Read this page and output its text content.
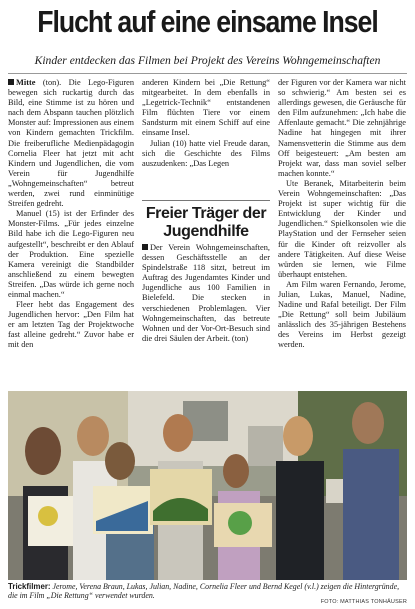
Flucht auf eine einsame Insel

Kinder entdecken das Filmen bei Projekt des Vereins Wohngemeinschaften

Mitte (ton). Die Lego-Figuren bewegen sich ruckartig durch das Bild, eine Stimme ist zu hören und nach dem Abspann tauchen plötzlich Monster auf: Impressionen aus einem von Kindern gemachten Trickfilm. Die freiberufliche Medienpädagogin Cornelia Fleer hat jetzt mit acht Kindern und Jugendlichen, die vom Verein für Jugendhilfe „Wohngemeinschaften“ betreut werden, zwei rund einminütige Streifen gedreht.

Manuel (15) ist der Erfinder des Monster-Films. „Für jedes einzelne Bild habe ich die Lego-Figuren neu aufgestellt“, beschreibt er den Ablauf der Produktion. Eine spezielle Kamera vereinigt die Standbilder anschließend zu einem bewegten Streifen. „Das würde ich gerne noch einmal machen.“

Fleer hebt das Engagement des Jugendlichen hervor: „Den Film hat er am letzten Tag der Projektwoche fast alleine gedreht.“ Zuvor habe er mit den

anderen Kindern bei „Die Rettung“ mitgearbeitet. In dem ebenfalls in „Legetrick-Technik“ entstandenen Film flüchten Tiere vor einem Sandsturm mit einem Schiff auf eine einsame Insel.

Julian (10) hatte viel Freude daran, sich die Geschichte des Films auszudenken: „Das Legen

Freier Träger der Jugendhilfe

Der Verein Wohngemeinschaften, dessen Geschäftsstelle an der Spindelstraße 118 sitzt, betreut im Auftrag des Jugendamtes Kinder und Jugendliche aus 100 Familien in Bielefeld. Die stecken in verschiedenen Problemlagen. Vier Wohngemeinschaften, das betreute Wohnen und der Vor-Ort-Besuch sind die drei Säulen der Arbeit. (ton)

der Figuren vor der Kamera war nicht so schwierig.“ Am besten sei es allerdings gewesen, die Geräusche für den Film aufzunehmen: „Ich habe die Affenlaute gemacht.“ Die zehnjährige Nadine hat hingegen mit ihrer Namensvetterin die Stimme aus dem Off beigesteuert: „Am besten am Projekt war, dass man soviel selber machen konnte.“

Ute Beranek, Mitarbeiterin beim Verein Wohngemeinschaften: „Das Projekt ist super wichtig für die Entwicklung der Kinder und Jugendlichen.“ Spielkonsolen wie die PlayStation und der Fernseher seien für die Kinder oft reizvoller als andere Tätigkeiten. Auf diese Weise würden sie lernen, wie Filme überhaupt entstehen.

Am Film waren Fernando, Jerome, Julian, Lukas, Manuel, Nadine, Nadine und Rafal beteiligt. Der Film „Die Rettung“ soll beim Jubiläum anlässlich des 35-jährigen Bestehens des Vereins im Herbst gezeigt werden.

Trickfilmer: Jerome, Verena Braun, Lukas, Julian, Nadine, Cornelia Fleer und Bernd Kegel (v.l.) zeigen die Hintergründe, die im Film „Die Rettung“ verwendet wurden.

FOTO: MATTHIAS TONHÄUSER
